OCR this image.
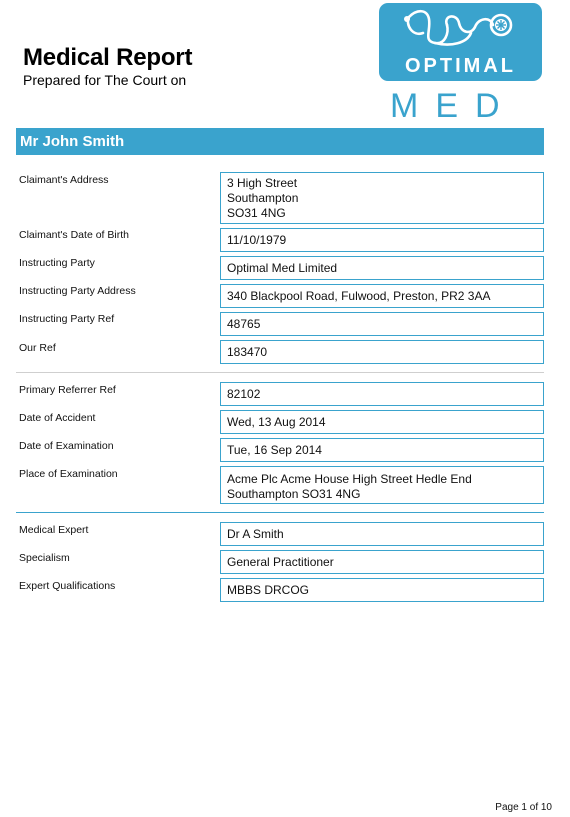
Medical Report
Prepared for The Court on
OPTIMAL
MED
Mr John Smith
Claimant's Address	3 High Street
Southampton
SO31 4NG
Claimant's Date of Birth	11/10/1979
Instructing Party	Optimal Med Limited
Instructing Party Address	340 Blackpool Road, Fulwood, Preston, PR2 3AA
Instructing Party Ref	48765
Our Ref	183470
Primary Referrer Ref	82102
Date of Accident	Wed, 13 Aug 2014
Date of Examination	Tue, 16 Sep 2014
Place of Examination	Acme Plc Acme House High Street Hedle End
Southampton SO31 4NG
Medical Expert	Dr A Smith
Specialism	General Practitioner
Expert Qualifications	MBBS DRCOG
Page 1 of 10
